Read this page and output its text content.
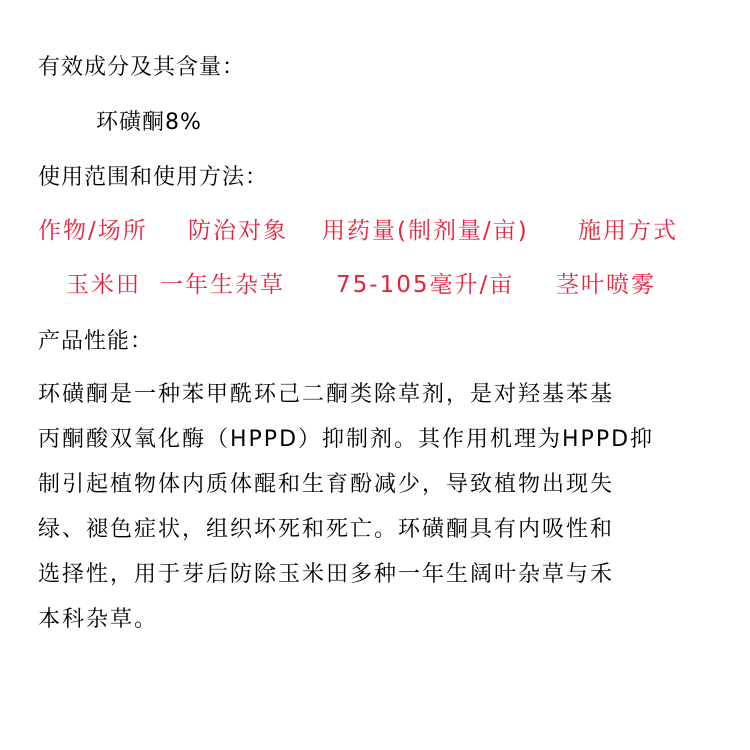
有效成分及其含量：
环磺酮8%
使用范围和使用方法：
作物/场所 防治对象 用药量(制剂量/亩) 施用方式
玉米田 一年生杂草 75-105毫升/亩 茎叶喷雾
产品性能：
环磺酮是一种苯甲酰环己二酮类除草剂，是对羟基苯基
丙酮酸双氧化酶（HPPD）抑制剂。其作用机理为HPPD抑
制引起植物体内质体醌和生育酚减少，导致植物出现失
绿、褪色症状，组织坏死和死亡。环磺酮具有内吸性和
选择性，用于芽后防除玉米田多种一年生阔叶杂草与禾
本科杂草。
